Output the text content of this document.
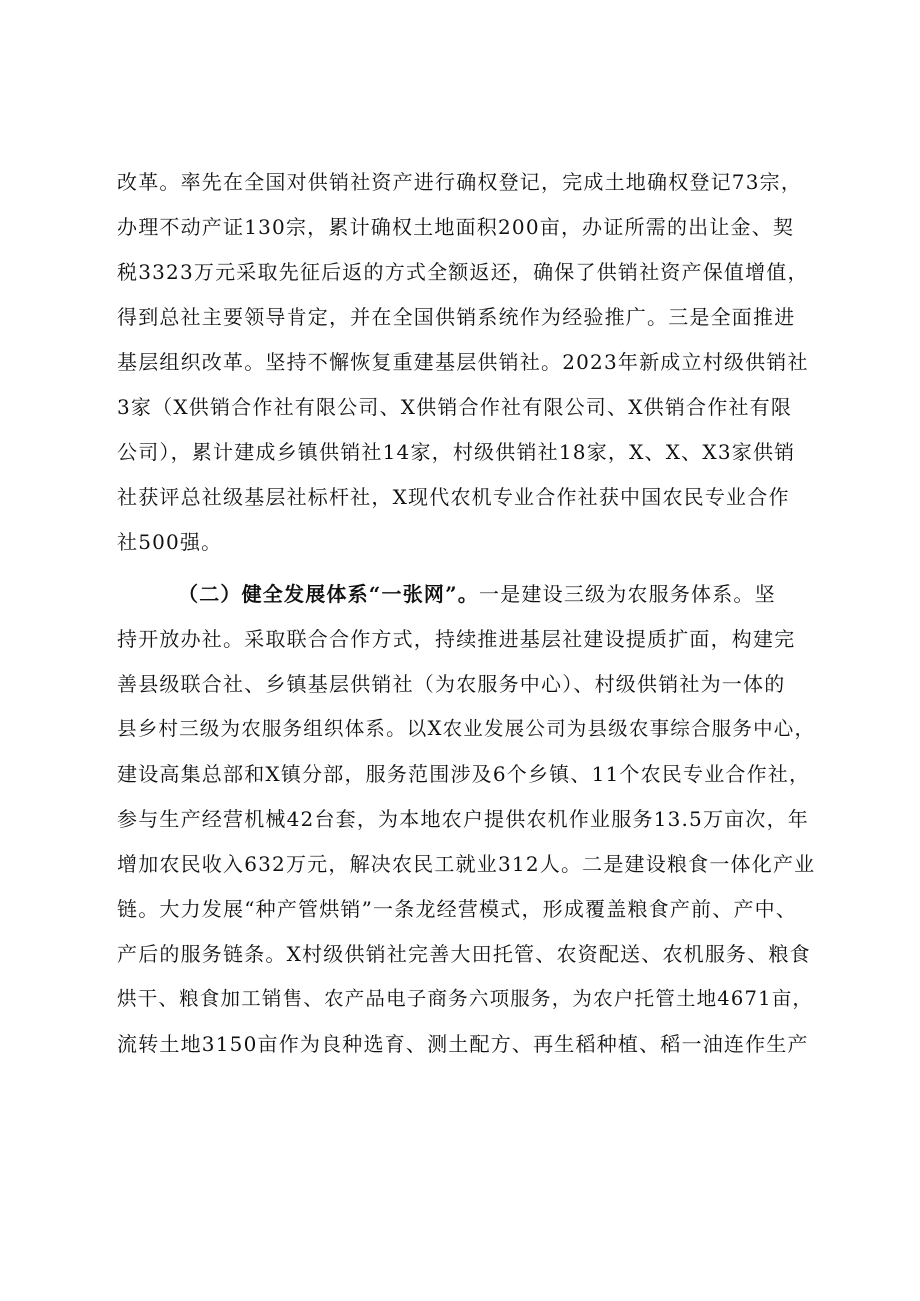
改革。率先在全国对供销社资产进行确权登记，完成土地确权登记73宗，
办理不动产证130宗，累计确权土地面积200亩，办证所需的出让金、契
税3323万元采取先征后返的方式全额返还，确保了供销社资产保值增值，
得到总社主要领导肯定，并在全国供销系统作为经验推广。三是全面推进
基层组织改革。坚持不懈恢复重建基层供销社。2023年新成立村级供销社
3家（X供销合作社有限公司、X供销合作社有限公司、X供销合作社有限
公司），累计建成乡镇供销社14家，村级供销社18家，X、X、X3家供销
社获评总社级基层社标杆社，X现代农机专业合作社获中国农民专业合作
社500强。
（二）健全发展体系“一张网”。一是建设三级为农服务体系。坚
持开放办社。采取联合合作方式，持续推进基层社建设提质扩面，构建完
善县级联合社、乡镇基层供销社（为农服务中心）、村级供销社为一体的
县乡村三级为农服务组织体系。以X农业发展公司为县级农事综合服务中心，
建设高集总部和X镇分部，服务范围涉及6个乡镇、11个农民专业合作社，
参与生产经营机械42台套，为本地农户提供农机作业服务13.5万亩次，年
增加农民收入632万元，解决农民工就业312人。二是建设粮食一体化产业
链。大力发展“种产管烘销”一条龙经营模式，形成覆盖粮食产前、产中、
产后的服务链条。X村级供销社完善大田托管、农资配送、农机服务、粮食
烘干、粮食加工销售、农产品电子商务六项服务，为农户托管土地4671亩，
流转土地3150亩作为良种选育、测土配方、再生稻种植、稻一油连作生产
